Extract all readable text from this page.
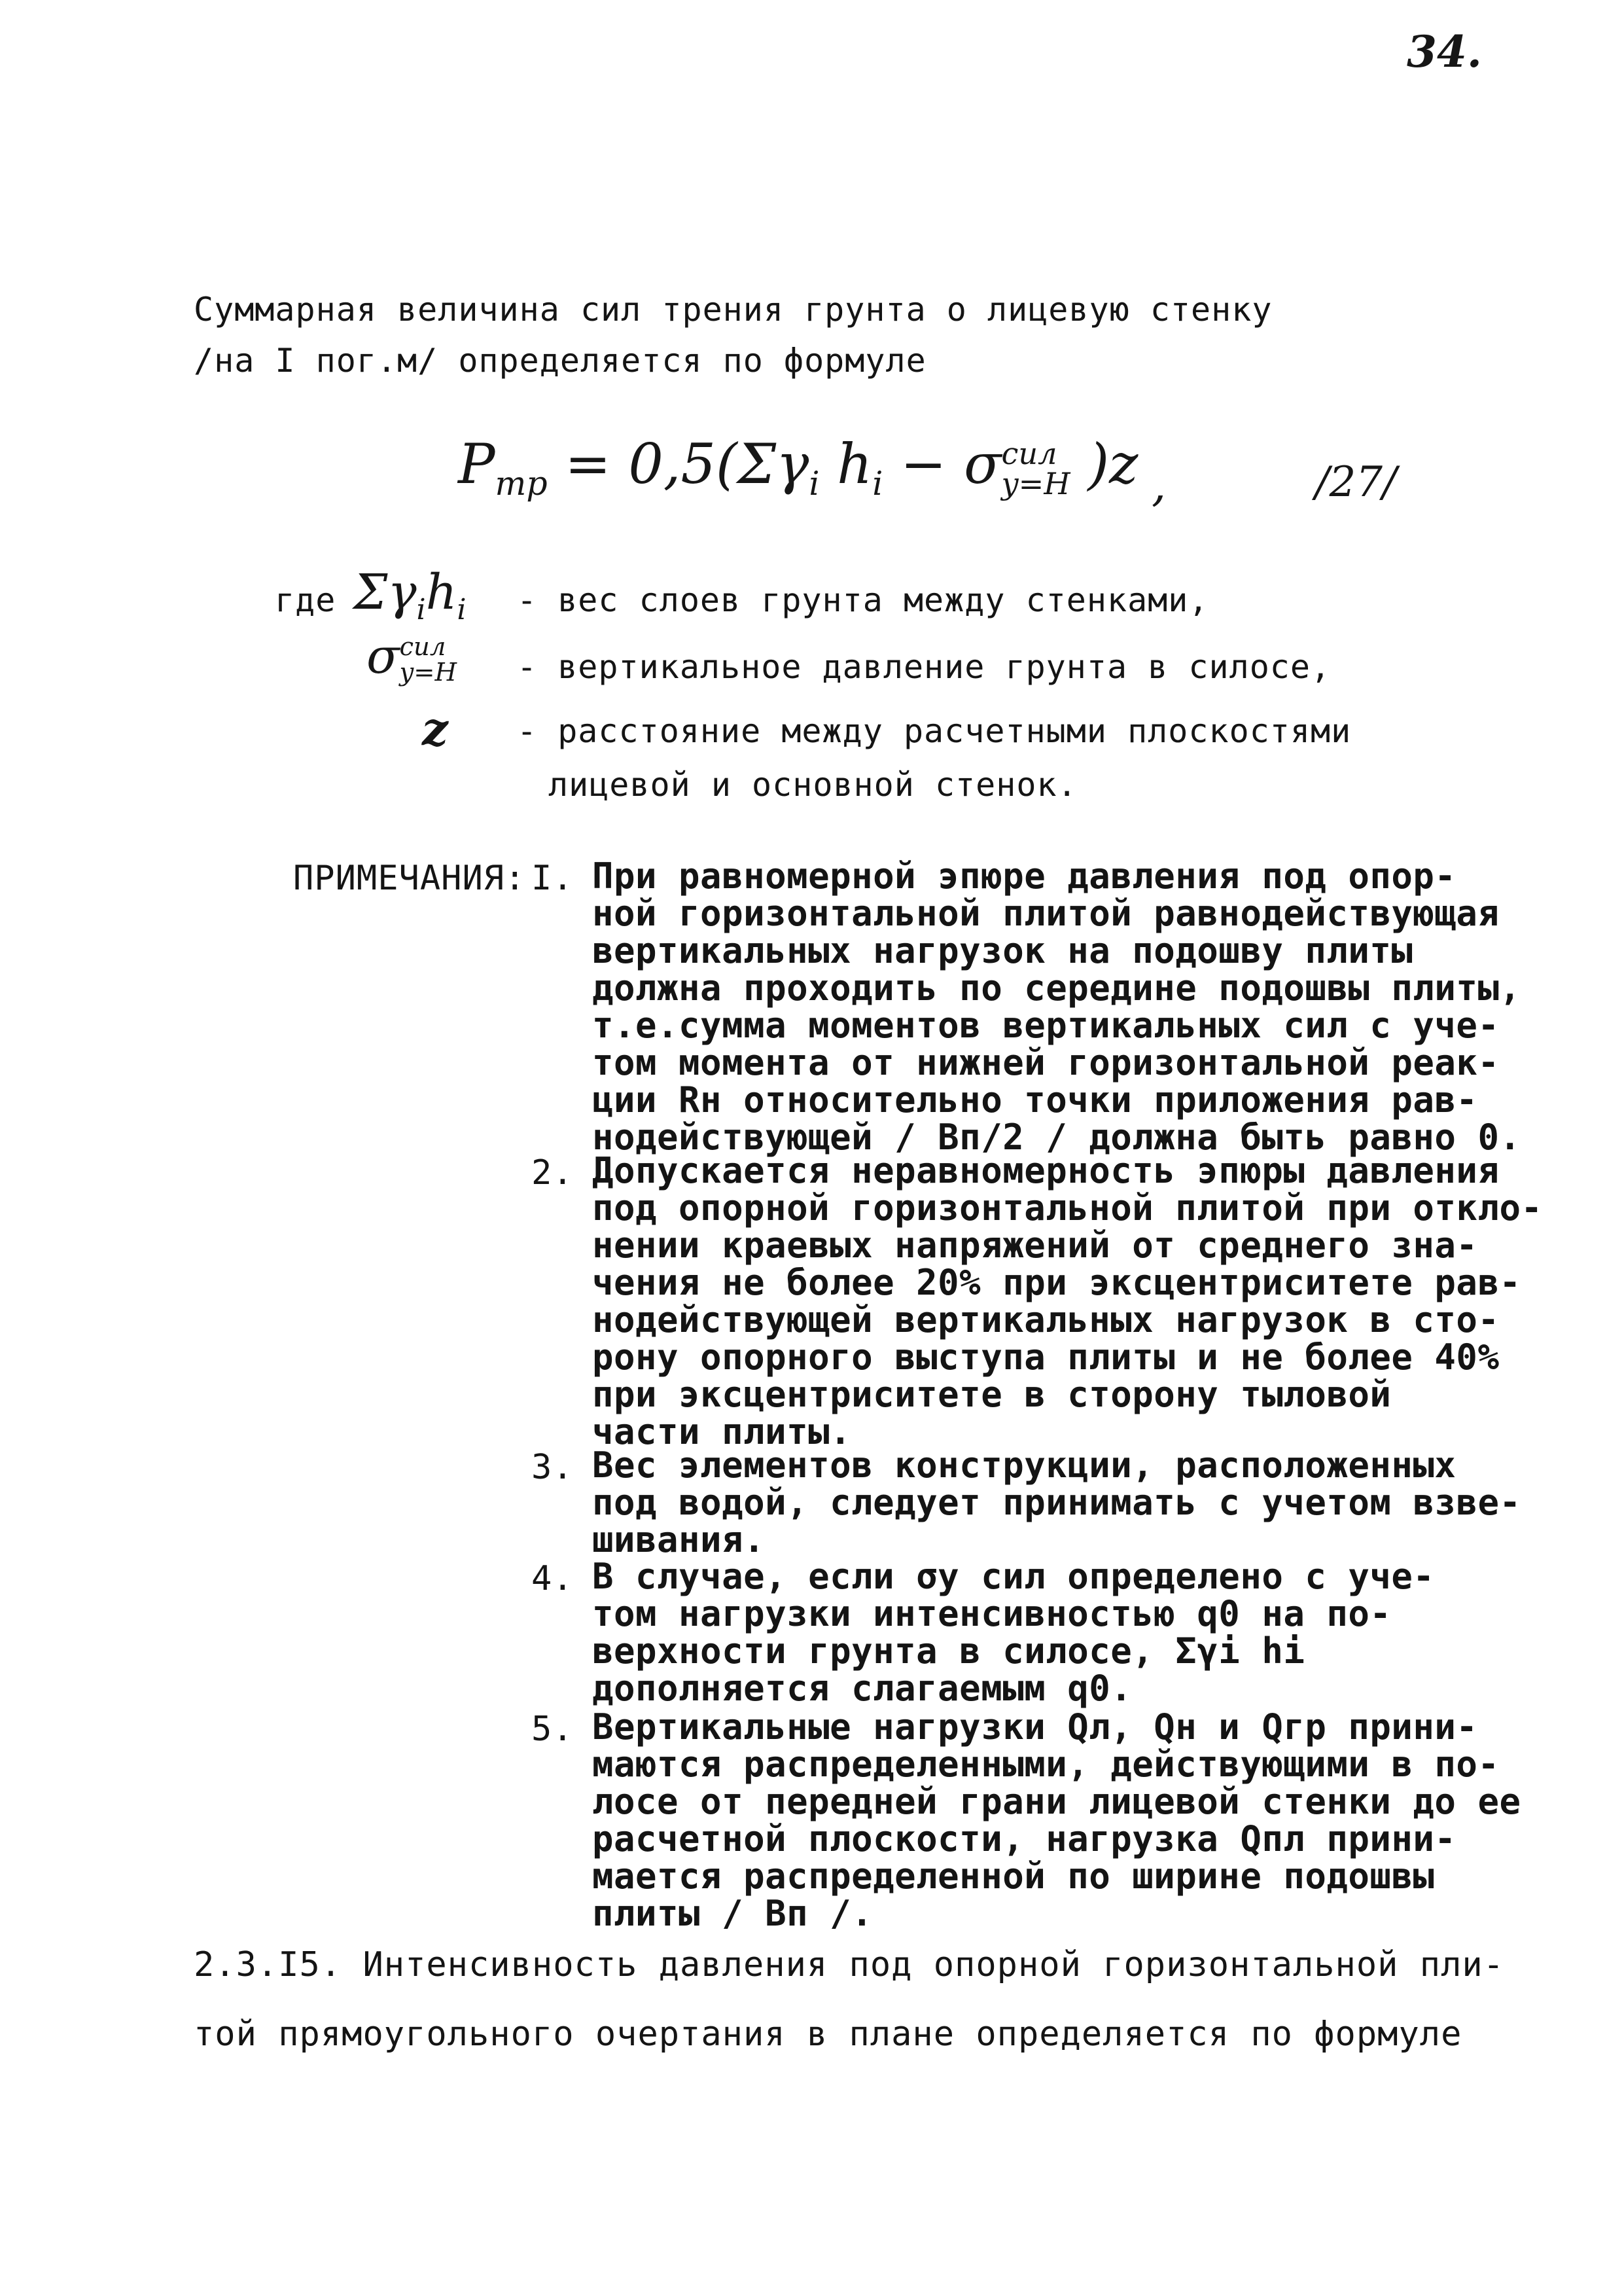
34.
Суммарная величина сил трения грунта о лицевую стенку
/на I пог.м/ определяется по формуле
$P_{тр} = 0,5(\Sigma\gamma_i$ $h_i - \sigma$ сил
y=H )z ,	/27/
где $\Sigma\gamma_ih_i$ - вес слоев грунта между стенками,
σ сил
y=H - вертикальное давление грунта в силосе,
z - расстояние между расчетными плоскостями
лицевой и основной стенок.
ПРИМЕЧАНИЯ: I. При равномерной эпюре давления под опор-
ной горизонтальной плитой равнодействующая
вертикальных нагрузок на подошву плиты
должна проходить по середине подошвы плиты,
т.е.сумма моментов вертикальных сил с уче-
том момента от нижней горизонтальной реак-
ции Rн относительно точки приложения рав-
нодействующей / Bп/2 / должна быть равно 0.
2. Допускается неравномерность эпюры давления
под опорной горизонтальной плитой при откло-
нении краевых напряжений от среднего зна-
чения не более 20% при эксцентриситете рав-
нодействующей вертикальных нагрузок в сто-
рону опорного выступа плиты и не более 40%
при эксцентриситете в сторону тыловой
части плиты.
3. Вес элементов конструкции, расположенных
под водой, следует принимать с учетом взве-
шивания.
4. В случае, если σy сил определено с уче-
том нагрузки интенсивностью q0 на по-
верхности грунта в силосе, Σγi hi
дополняется слагаемым q0.
5. Вертикальные нагрузки Qл, Qн и Qгр прини-
маются распределенными, действующими в по-
лосе от передней грани лицевой стенки до ее
расчетной плоскости, нагрузка Qпл прини-
мается распределенной по ширине подошвы
плиты / Bп /.
2.3.I5. Интенсивность давления под опорной горизонтальной пли-
той прямоугольного очертания в плане определяется по формуле
